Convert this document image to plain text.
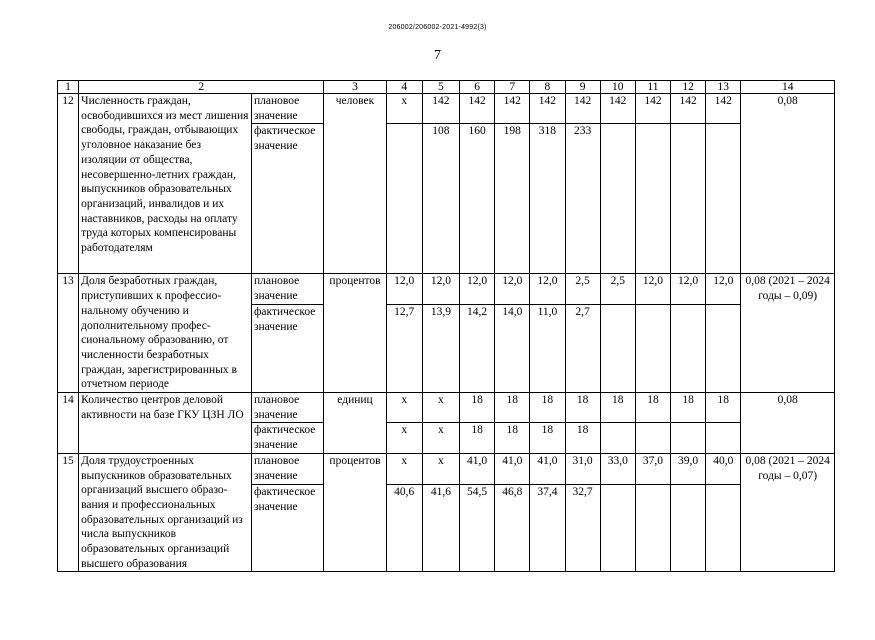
206002/206002-2021-4992(3)
7
1	2		3	4	5	6	7	8	9	10	11	12	13	14
12	Численность граждан, освободившихся из мест лишения свободы, граждан, отбывающих уголовное наказание без изоляции от общества, несовершенно-летних граждан, выпускников образовательных организаций, инвалидов и их наставников, расходы на оплату труда которых компенсированы работодателям	плановое значение	человек	х	142	142	142	142	142	142	142	142	142	0,08
		фактическое значение			108	160	198	318	233					
13	Доля безработных граждан, приступивших к профессио-нальному обучению и дополнительному профес-сиональному образованию, от численности безработных граждан, зарегистрированных в отчетном периоде	плановое значение	процентов	12,0	12,0	12,0	12,0	12,0	2,5	2,5	12,0	12,0	12,0	0,08 (2021 – 2024 годы – 0,09)
		фактическое значение		12,7	13,9	14,2	14,0	11,0	2,7					
14	Количество центров деловой активности на базе ГКУ ЦЗН ЛО	плановое значение	единиц	х	х	18	18	18	18	18	18	18	18	0,08
		фактическое значение		х	х	18	18	18	18					
15	Доля трудоустроенных выпускников образовательных организаций высшего образо-вания и профессиональных образовательных организаций из числа выпускников образовательных организаций высшего образования	плановое значение	процентов	х	х	41,0	41,0	41,0	31,0	33,0	37,0	39,0	40,0	0,08 (2021 – 2024 годы – 0,07)
		фактическое значение		40,6	41,6	54,5	46,8	37,4	32,7					
